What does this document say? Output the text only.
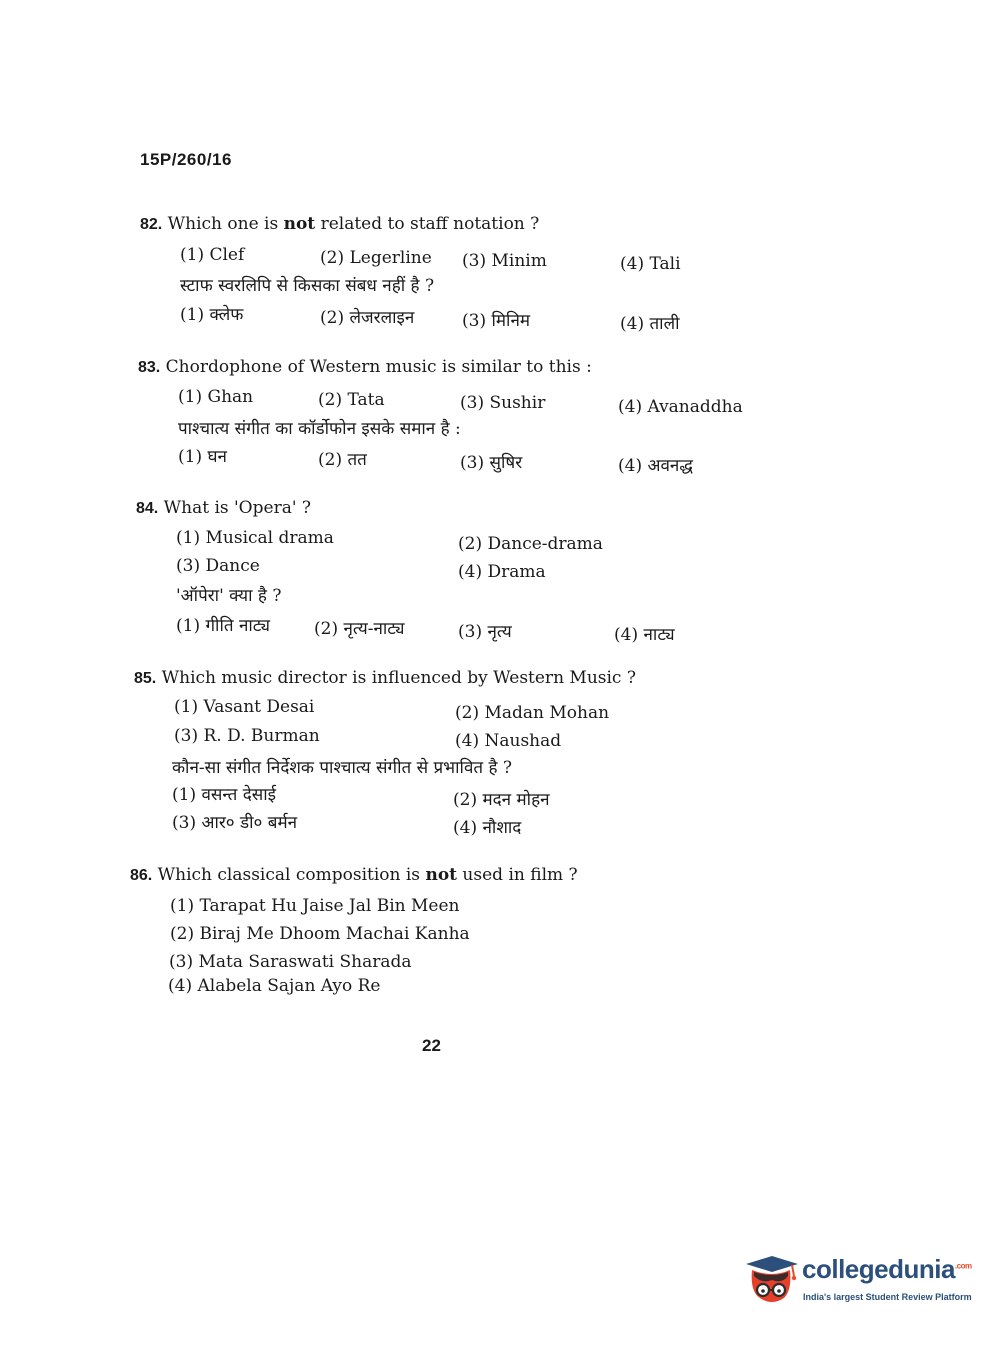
15P/260/16
82. Which one is not related to staff notation ?
(1) Clef	(2) Legerline (3) Minim	(4) Tali
स्टाफ स्वरलिपि से किसका संबध नहीं है ?
(1) क्लेफ	(2) लेजरलाइन	(3) मिनिम	(4) ताली
83. Chordophone of Western music is similar to this :
(1) Ghan	(2) Tata	(3) Sushir	(4) Avanaddha
पाश्चात्य संगीत का कॉर्डोफोन इसके समान है :
(1) घन	(2) तत	(3) सुषिर	(4) अवनद्ध
84. What is 'Opera' ?
(1) Musical drama	(2) Dance-drama
(3) Dance	(4) Drama
'ऑपेरा' क्या है ?
(1) गीति नाट्य	(2) नृत्य-नाट्य	(3) नृत्य	(4) नाट्य
85. Which music director is influenced by Western Music ?
(1) Vasant Desai	(2) Madan Mohan
(3) R. D. Burman	(4) Naushad
कौन-सा संगीत निर्देशक पाश्चात्य संगीत से प्रभावित है ?
(1) वसन्त देसाई	(2) मदन मोहन
(3) आर० डी० बर्मन	(4) नौशाद
86. Which classical composition is not used in film ?
(1) Tarapat Hu Jaise Jal Bin Meen
(2) Biraj Me Dhoom Machai Kanha
(3) Mata Saraswati Sharada
(4) Alabela Sajan Ayo Re
22
collegedunia$^{.com}$
India's largest Student Review Platform
